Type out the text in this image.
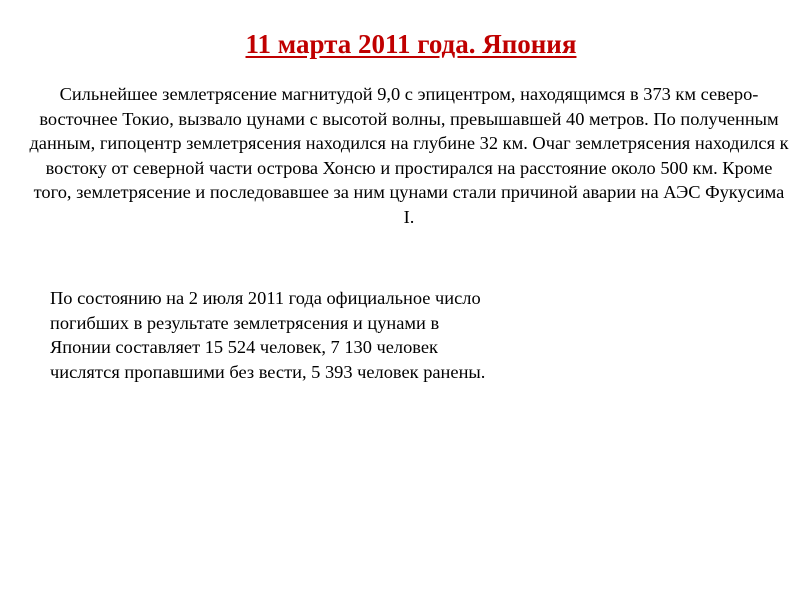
11 марта 2011 года. Япония
Сильнейшее землетрясение магнитудой 9,0 с эпицентром, находящимся в 373 км северо-восточнее Токио, вызвало цунами с высотой волны, превышавшей 40 метров. По полученным данным, гипоцентр землетрясения находился на глубине 32 км. Очаг землетрясения находился к востоку от северной части острова Хонсю и простирался на расстояние около 500 км. Кроме того, землетрясение и последовавшее за ним цунами стали причиной аварии на АЭС Фукусима I.
По состоянию на 2 июля 2011 года официальное число погибших в результате землетрясения и цунами в Японии составляет 15 524 человек, 7 130 человек числятся пропавшими без вести, 5 393 человек ранены.
